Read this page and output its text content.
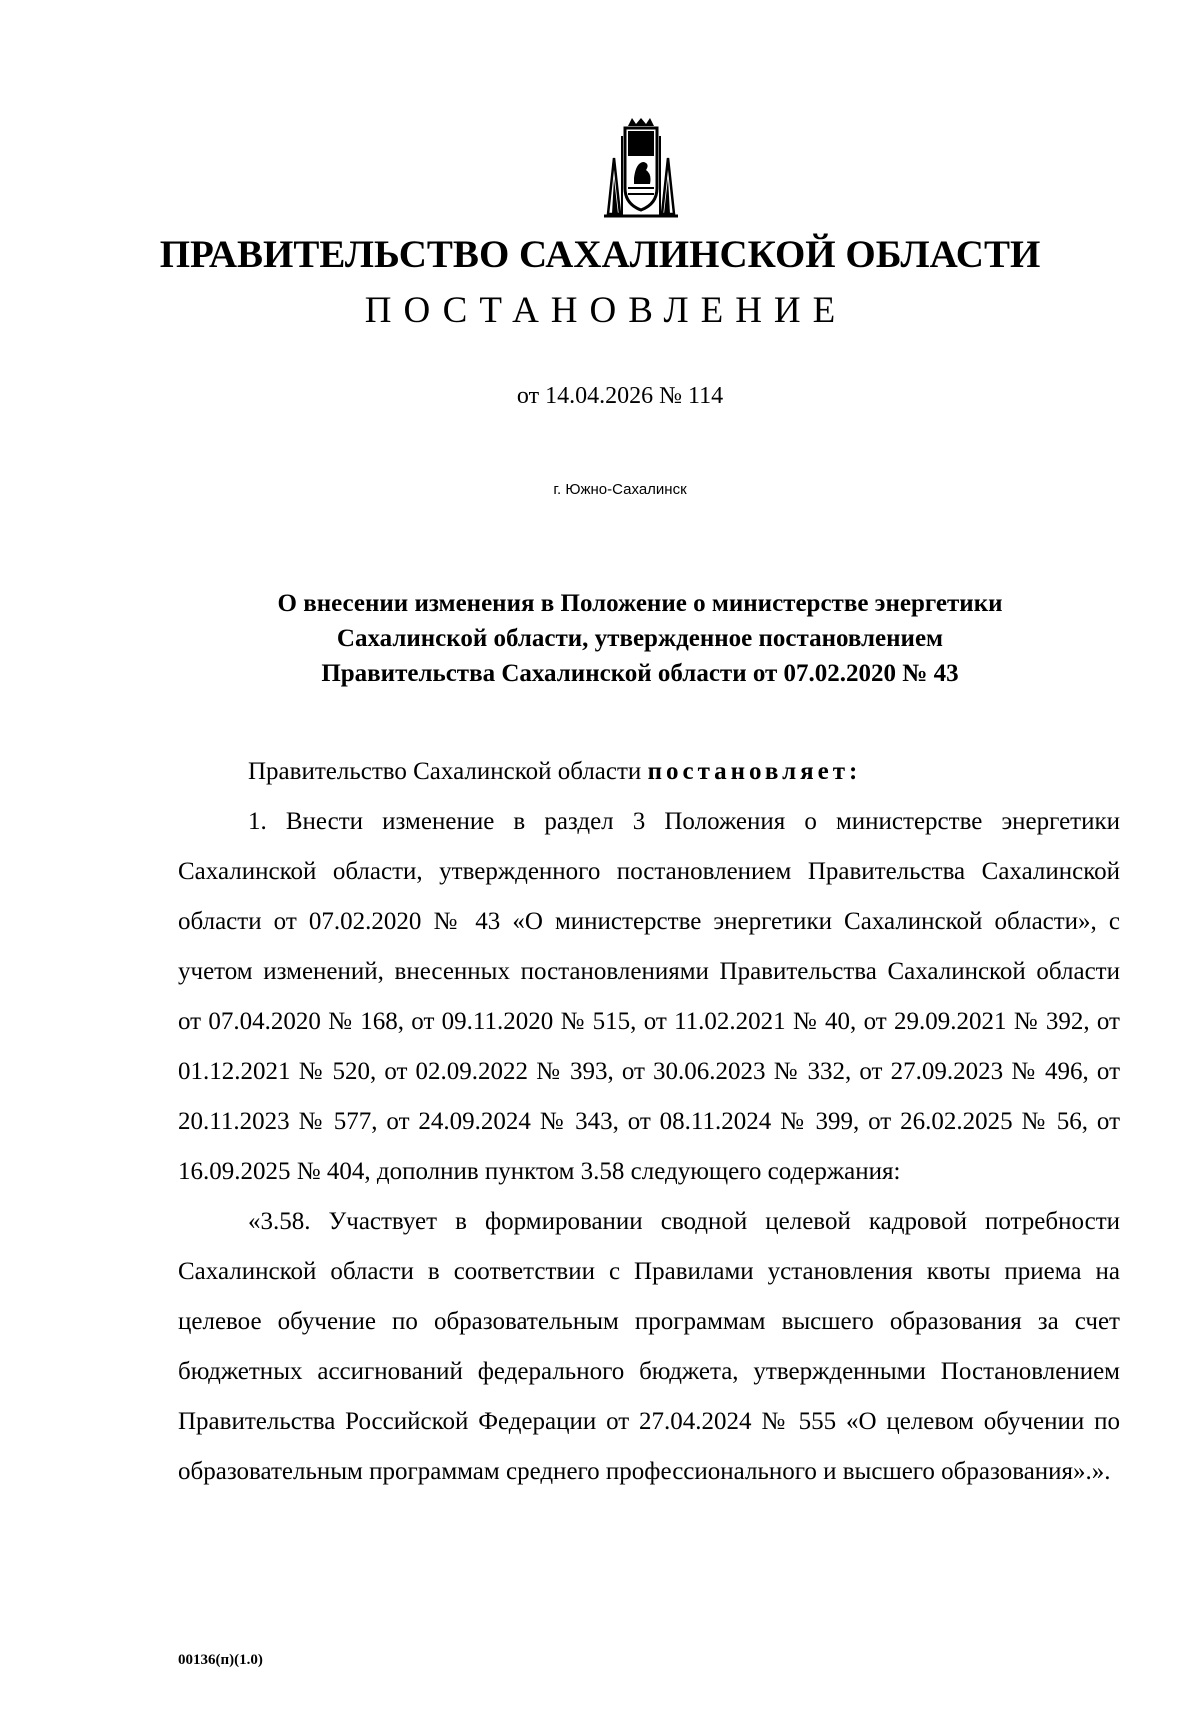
ПРАВИТЕЛЬСТВО САХАЛИНСКОЙ ОБЛАСТИ
ПОСТАНОВЛЕНИЕ
от 14.04.2026 № 114
г. Южно-Сахалинск
О внесении изменения в Положение о министерстве энергетики
Сахалинской области, утвержденное постановлением
Правительства Сахалинской области от 07.02.2020 № 43

Правительство Сахалинской области постановляет:

1. Внести изменение в раздел 3 Положения о министерстве энергетики Сахалинской области, утвержденного постановлением Правительства Сахалинской области от 07.02.2020 № 43 «О министерстве энергетики Сахалинской области», с учетом изменений, внесенных постановлениями Правительства Сахалинской области от 07.04.2020 № 168, от 09.11.2020 № 515, от 11.02.2021 № 40, от 29.09.2021 № 392, от 01.12.2021 № 520, от 02.09.2022 № 393, от 30.06.2023 № 332, от 27.09.2023 № 496, от 20.11.2023 № 577, от 24.09.2024 № 343, от 08.11.2024 № 399, от 26.02.2025 № 56, от 16.09.2025 № 404, дополнив пунктом 3.58 следующего содержания:

«3.58. Участвует в формировании сводной целевой кадровой потребности Сахалинской области в соответствии с Правилами установления квоты приема на целевое обучение по образовательным программам высшего образования за счет бюджетных ассигнований федерального бюджета, утвержденными Постановлением Правительства Российской Федерации от 27.04.2024 № 555 «О целевом обучении по образовательным программам среднего профессионального и высшего образования».».

00136(п)(1.0)
